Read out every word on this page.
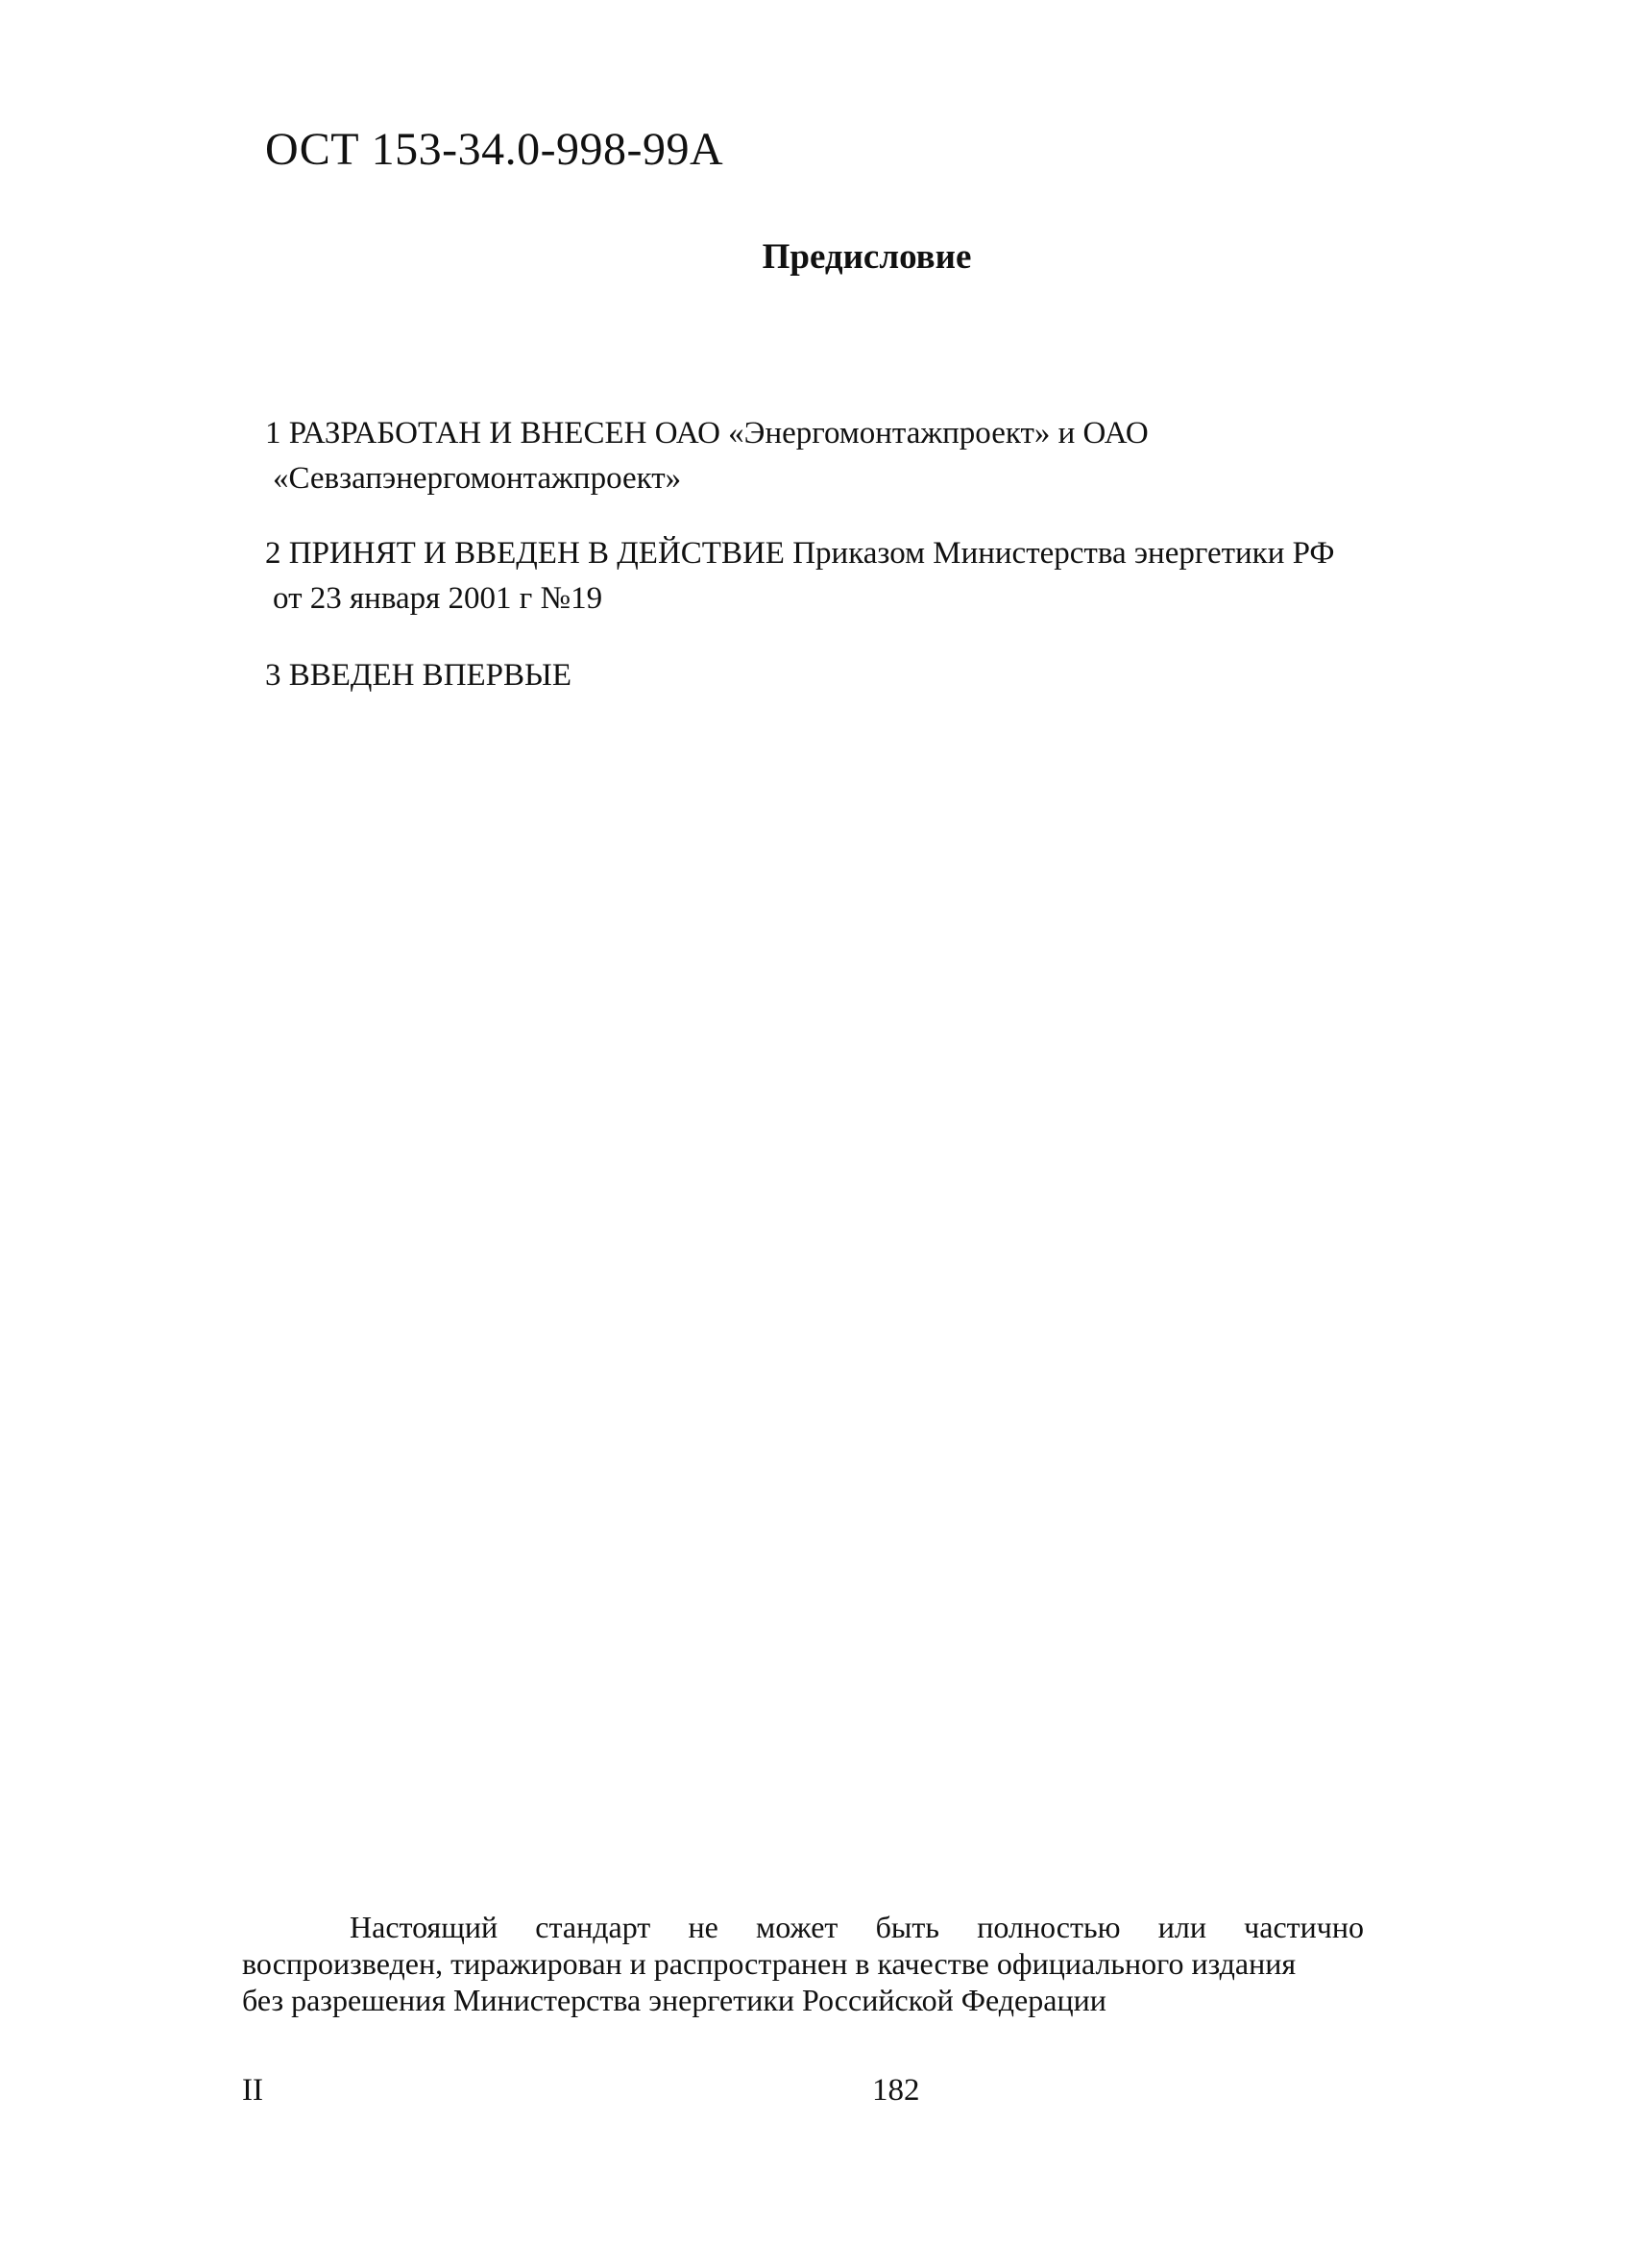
ОСТ 153-34.0-998-99А
Предисловие
1 РАЗРАБОТАН И ВНЕСЕН ОАО «Энергомонтажпроект» и ОАО
«Севзапэнергомонтажпроект»
2 ПРИНЯТ И ВВЕДЕН В ДЕЙСТВИЕ Приказом Министерства энергетики РФ
от 23 января 2001 г №19
3 ВВЕДЕН ВПЕРВЫЕ
Настоящий стандарт не может быть полностью или частично
воспроизведен, тиражирован и распространен в качестве официального издания
без разрешения Министерства энергетики Российской Федерации
II	182
